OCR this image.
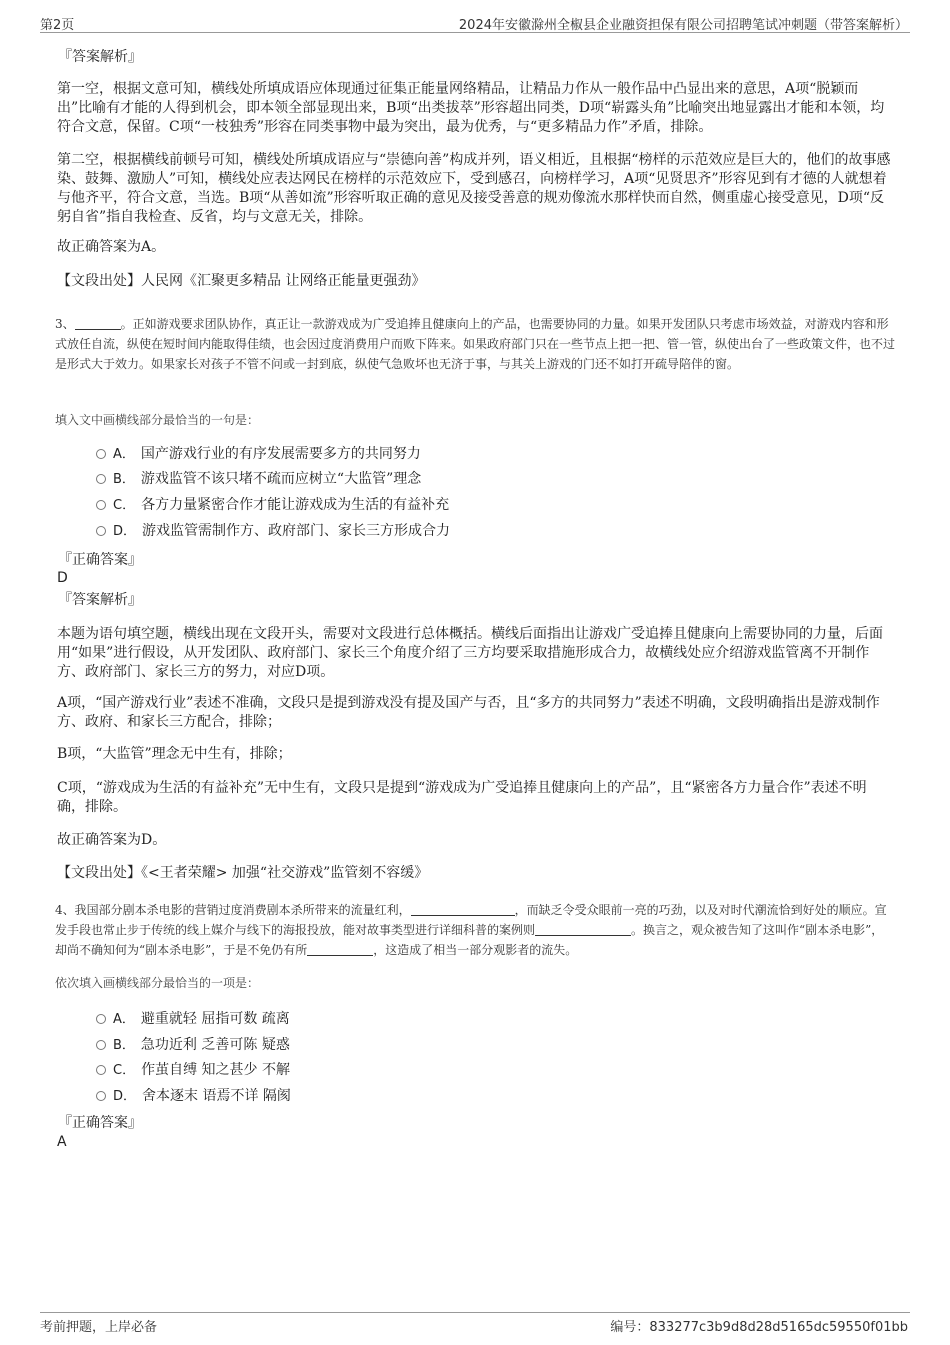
第2页	2024年安徽滁州全椒县企业融资担保有限公司招聘笔试冲刺题（带答案解析）
『答案解析』

第一空，根据文意可知，横线处所填成语应体现通过征集正能量网络精品，让精品力作从一般作品中凸显出来的意思，A项“脱颖而出”比喻有才能的人得到机会，即本领全部显现出来，B项“出类拔萃”形容超出同类，D项“崭露头角”比喻突出地显露出才能和本领，均符合文意，保留。C项“一枝独秀”形容在同类事物中最为突出，最为优秀，与“更多精品力作”矛盾，排除。

第二空，根据横线前顿号可知，横线处所填成语应与“崇德向善”构成并列，语义相近，且根据“榜样的示范效应是巨大的，他们的故事感染、鼓舞、激励人”可知，横线处应表达网民在榜样的示范效应下，受到感召，向榜样学习，A项“见贤思齐”形容见到有才德的人就想着与他齐平，符合文意，当选。B项“从善如流”形容听取正确的意见及接受善意的规劝像流水那样快而自然，侧重虚心接受意见，D项“反躬自省”指自我检查、反省，均与文意无关，排除。

故正确答案为A。

【文段出处】人民网《汇聚更多精品 让网络正能量更强劲》

3、	。正如游戏要求团队协作，真正让一款游戏成为广受追捧且健康向上的产品，也需要协同的力量。如果开发团队只考虑市场效益，对游戏内容和形式放任自流，纵使在短时间内能取得佳绩，也会因过度消费用户而败下阵来。如果政府部门只在一些节点上把一把、管一管，纵使出台了一些政策文件，也不过是形式大于效力。如果家长对孩子不管不问或一封到底，纵使气急败坏也无济于事，与其关上游戏的门还不如打开疏导陪伴的窗。

填入文中画横线部分最恰当的一句是：
A． 国产游戏行业的有序发展需要多方的共同努力
B． 游戏监管不该只堵不疏而应树立“大监管”理念
C． 各方力量紧密合作才能让游戏成为生活的有益补充
D． 游戏监管需制作方、政府部门、家长三方形成合力
『正确答案』
D
『答案解析』

本题为语句填空题，横线出现在文段开头，需要对文段进行总体概括。横线后面指出让游戏广受追捧且健康向上需要协同的力量，后面用“如果”进行假设，从开发团队、政府部门、家长三个角度介绍了三方均要采取措施形成合力，故横线处应介绍游戏监管离不开制作方、政府部门、家长三方的努力，对应D项。

A项，“国产游戏行业”表述不准确，文段只是提到游戏没有提及国产与否，且“多方的共同努力”表述不明确，文段明确指出是游戏制作方、政府、和家长三方配合，排除；

B项，“大监管”理念无中生有，排除；

C项，“游戏成为生活的有益补充”无中生有，文段只是提到“游戏成为广受追捧且健康向上的产品”，且“紧密各方力量合作”表述不明确，排除。

故正确答案为D。

【文段出处】《<王者荣耀> 加强“社交游戏”监管刻不容缓》

4、我国部分剧本杀电影的营销过度消费剧本杀所带来的流量红利，	，而缺乏令受众眼前一亮的巧劲，以及对时代潮流恰到好处的顺应。宣发手段也常止步于传统的线上媒介与线下的海报投放，能对故事类型进行详细科普的案例则	。换言之，观众被告知了这叫作“剧本杀电影”，却尚不确知何为“剧本杀电影”，于是不免仍有所	，这造成了相当一部分观影者的流失。

依次填入画横线部分最恰当的一项是：
A． 避重就轻 屈指可数 疏离
B． 急功近利 乏善可陈 疑惑
C． 作茧自缚 知之甚少 不解
D． 舍本逐末 语焉不详 隔阂
『正确答案』
A
考前押题，上岸必备	编号：833277c3b9d8d28d5165dc59550f01bb
